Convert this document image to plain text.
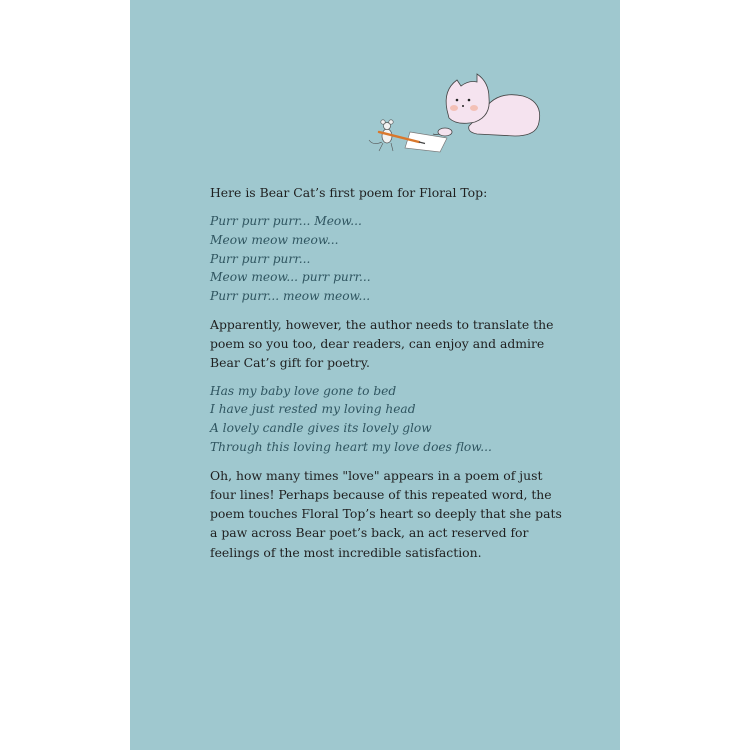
Here is Bear Cat’s first poem for Floral Top:

Purr purr purr... Meow...
Meow meow meow...
Purr purr purr...
Meow meow... purr purr...
Purr purr... meow meow...
Apparently, however, the author needs to translate the
poem so you too, dear readers, can enjoy and admire
Bear Cat’s gift for poetry.
Has my baby love gone to bed
I have just rested my loving head
A lovely candle gives its lovely glow
Through this loving heart my love does flow...
Oh, how many times "love" appears in a poem of just
four lines! Perhaps because of this repeated word, the
poem touches Floral Top’s heart so deeply that she pats
a paw across Bear poet’s back, an act reserved for
feelings of the most incredible satisfaction.
